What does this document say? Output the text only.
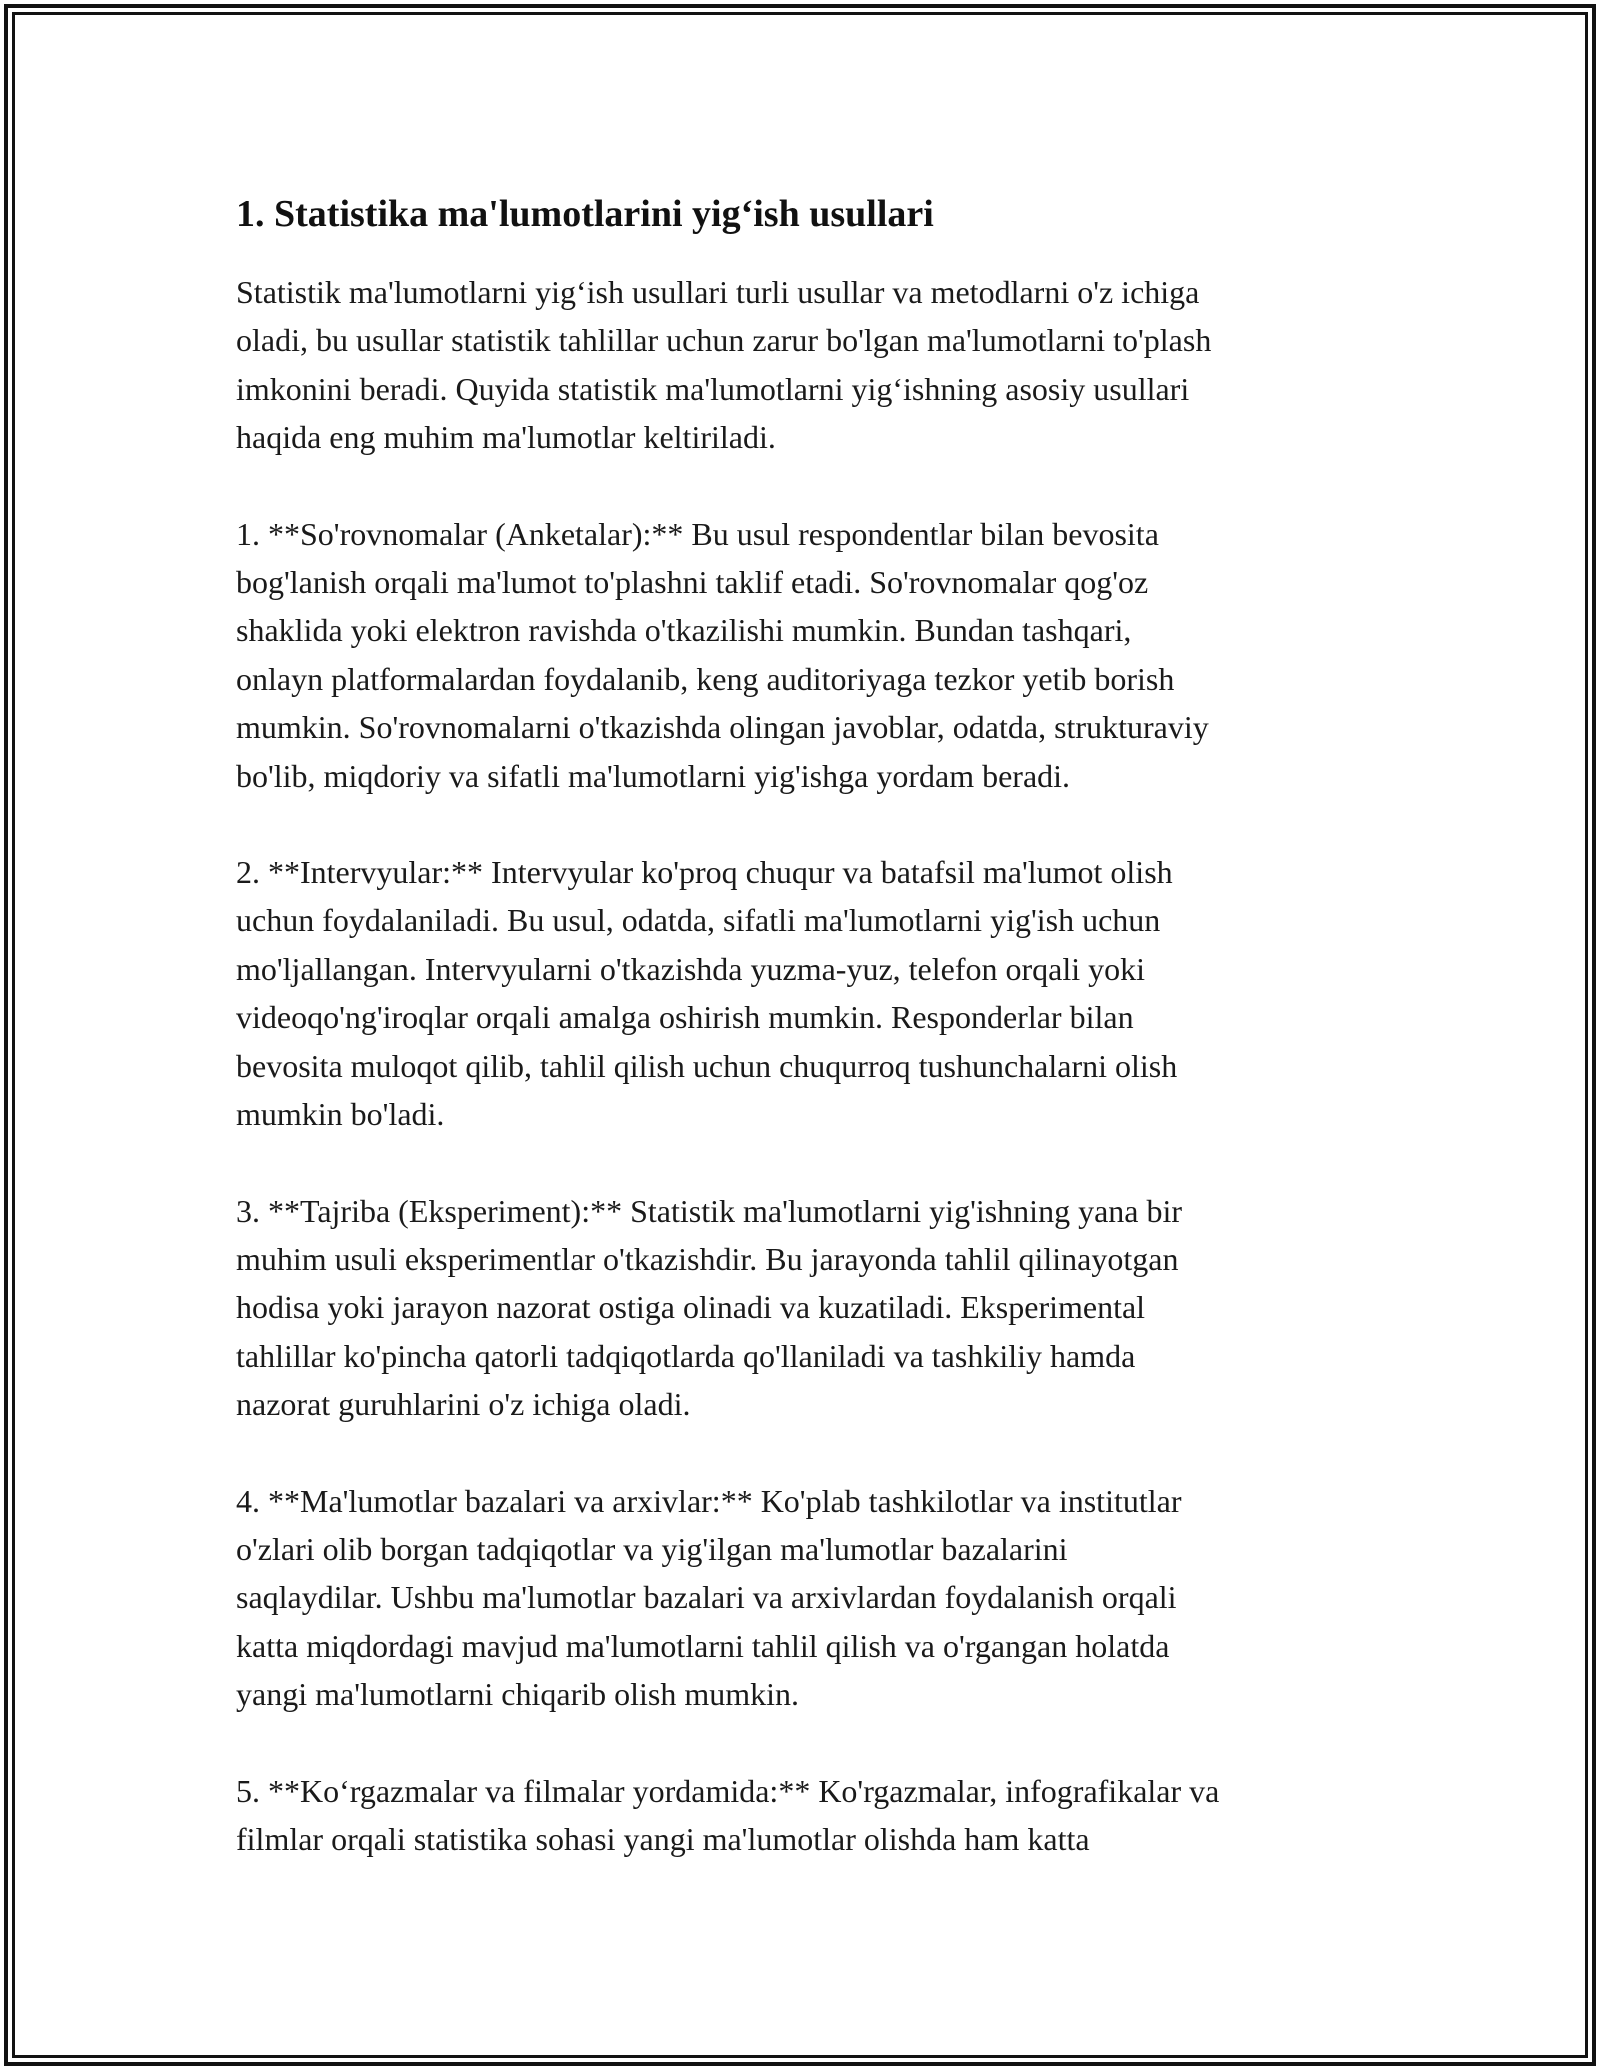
1. Statistika ma'lumotlarini yig‘ish usullari

Statistik ma'lumotlarni yig‘ish usullari turli usullar va metodlarni o'z ichiga
oladi, bu usullar statistik tahlillar uchun zarur bo'lgan ma'lumotlarni to'plash
imkonini beradi. Quyida statistik ma'lumotlarni yig‘ishning asosiy usullari
haqida eng muhim ma'lumotlar keltiriladi.

1. **So'rovnomalar (Anketalar):** Bu usul respondentlar bilan bevosita
bog'lanish orqali ma'lumot to'plashni taklif etadi. So'rovnomalar qog'oz
shaklida yoki elektron ravishda o'tkazilishi mumkin. Bundan tashqari,
onlayn platformalardan foydalanib, keng auditoriyaga tezkor yetib borish
mumkin. So'rovnomalarni o'tkazishda olingan javoblar, odatda, strukturaviy
bo'lib, miqdoriy va sifatli ma'lumotlarni yig'ishga yordam beradi.

2. **Intervyular:** Intervyular ko'proq chuqur va batafsil ma'lumot olish
uchun foydalaniladi. Bu usul, odatda, sifatli ma'lumotlarni yig'ish uchun
mo'ljallangan. Intervyularni o'tkazishda yuzma-yuz, telefon orqali yoki
videoqo'ng'iroqlar orqali amalga oshirish mumkin. Responderlar bilan
bevosita muloqot qilib, tahlil qilish uchun chuqurroq tushunchalarni olish
mumkin bo'ladi.

3. **Tajriba (Eksperiment):** Statistik ma'lumotlarni yig'ishning yana bir
muhim usuli eksperimentlar o'tkazishdir. Bu jarayonda tahlil qilinayotgan
hodisa yoki jarayon nazorat ostiga olinadi va kuzatiladi. Eksperimental
tahlillar ko'pincha qatorli tadqiqotlarda qo'llaniladi va tashkiliy hamda
nazorat guruhlarini o'z ichiga oladi.

4. **Ma'lumotlar bazalari va arxivlar:** Ko'plab tashkilotlar va institutlar
o'zlari olib borgan tadqiqotlar va yig'ilgan ma'lumotlar bazalarini
saqlaydilar. Ushbu ma'lumotlar bazalari va arxivlardan foydalanish orqali
katta miqdordagi mavjud ma'lumotlarni tahlil qilish va o'rgangan holatda
yangi ma'lumotlarni chiqarib olish mumkin.

5. **Ko‘rgazmalar va filmalar yordamida:** Ko'rgazmalar, infografikalar va
filmlar orqali statistika sohasi yangi ma'lumotlar olishda ham katta
